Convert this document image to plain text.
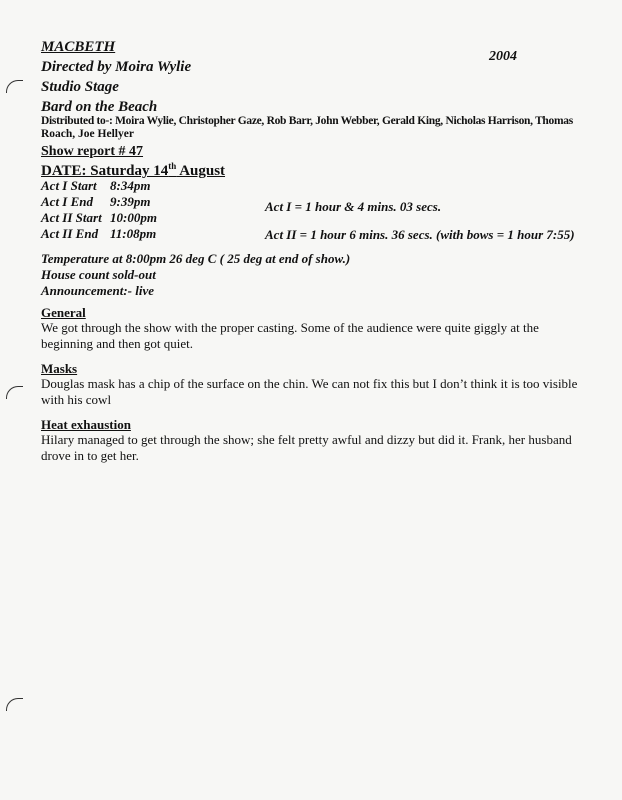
MACBETH
2004
Directed by Moira Wylie
Studio Stage
Bard on the Beach
Distributed to-: Moira Wylie, Christopher Gaze, Rob Barr, John Webber, Gerald King, Nicholas Harrison, Thomas
Roach, Joe Hellyer
Show report # 47
DATE: Saturday 14th August
Act I Start 8:34pm
Act I End 9:39pm
Act II Start 10:00pm
Act II End 11:08pm
Act I = 1 hour & 4 mins. 03 secs.
Act II = 1 hour 6 mins. 36 secs. (with bows = 1 hour 7:55)
Temperature at 8:00pm 26 deg C ( 25 deg at end of show.)
House count sold-out
Announcement:- live
General
We got through the show with the proper casting. Some of the audience were quite giggly at the
beginning and then got quiet.
Masks
Douglas mask has a chip of the surface on the chin. We can not fix this but I don’t think it is too visible
with his cowl
Heat exhaustion
Hilary managed to get through the show; she felt pretty awful and dizzy but did it. Frank, her husband
drove in to get her.
